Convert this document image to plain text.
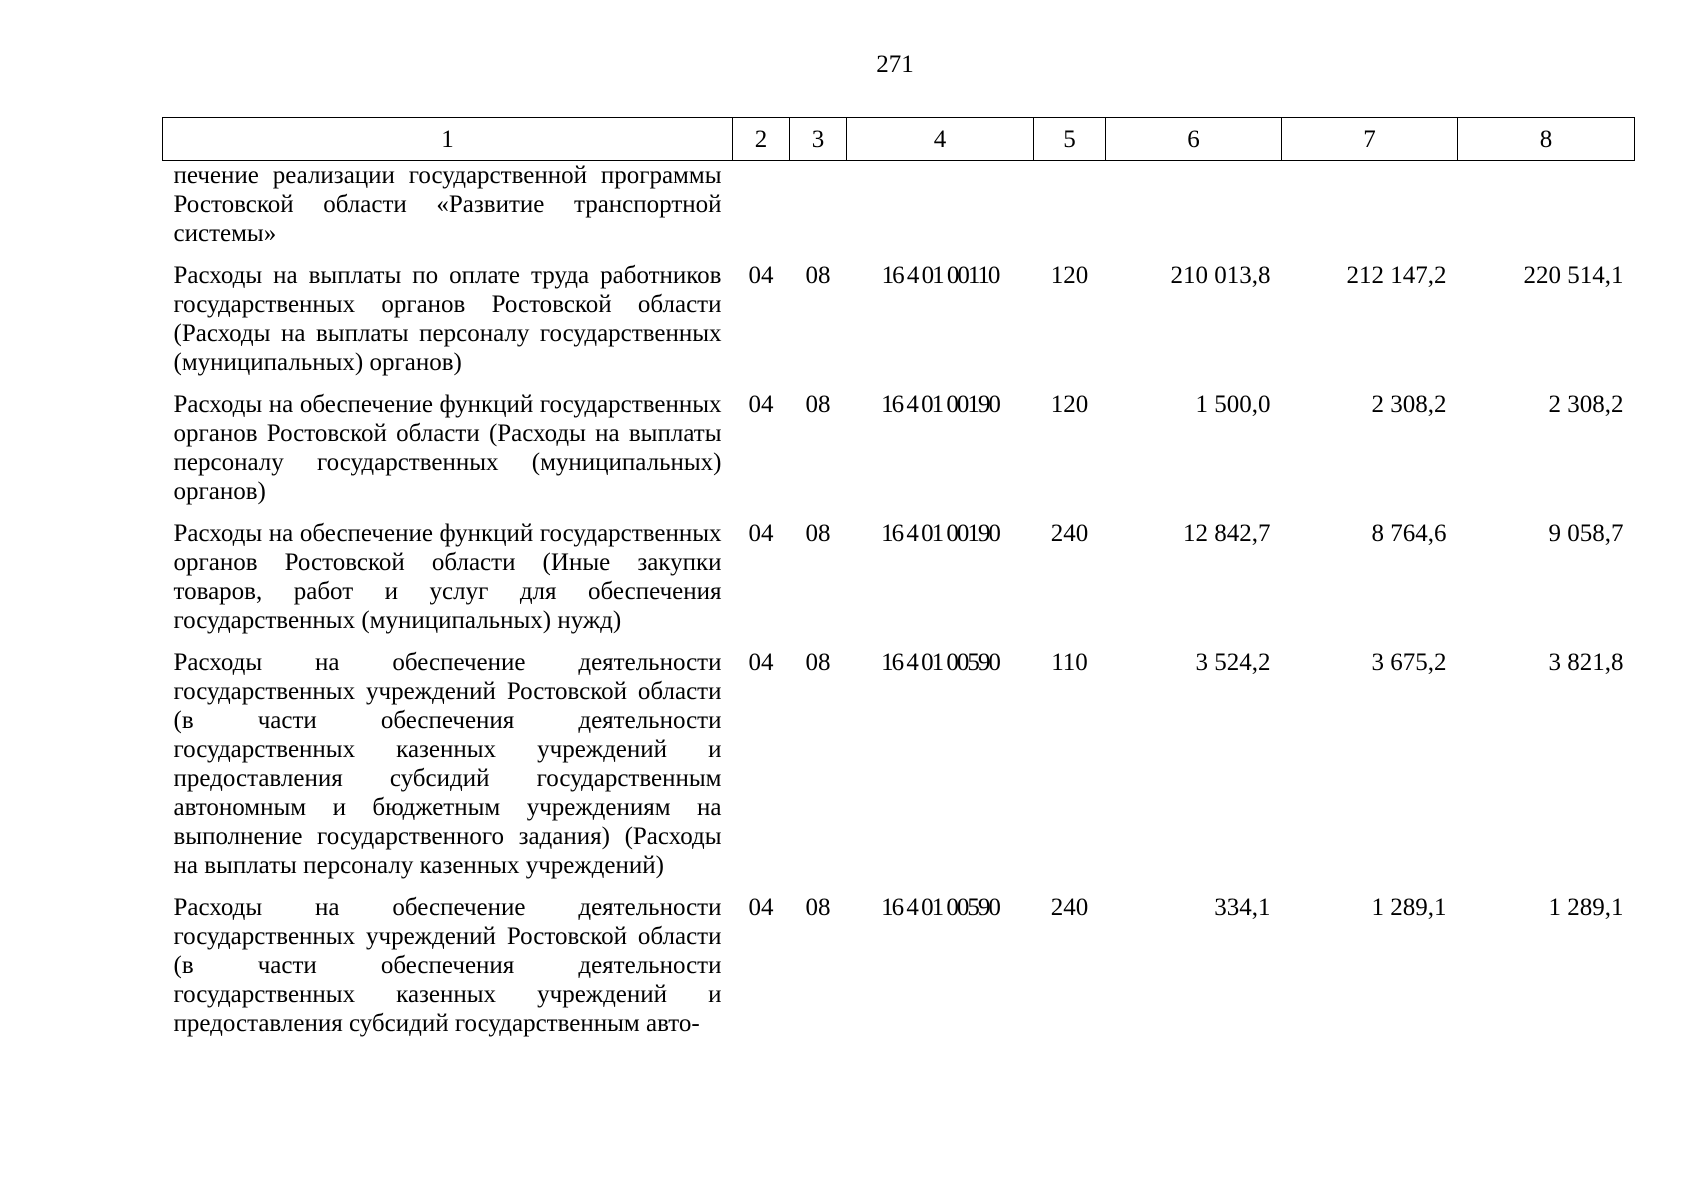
271
1	2	3	4	5	6	7	8
печение реализации государственной программы Ростовской области «Развитие транспортной системы»							
Расходы на выплаты по оплате труда работников государственных органов Ростовской области (Расходы на выплаты персоналу государственных (муниципальных) органов)	04	08	16 4 01 00110	120	210 013,8	212 147,2	220 514,1
Расходы на обеспечение функций государственных органов Ростовской области (Расходы на выплаты персоналу государственных (муниципальных) органов)	04	08	16 4 01 00190	120	1 500,0	2 308,2	2 308,2
Расходы на обеспечение функций государственных органов Ростовской области (Иные закупки товаров, работ и услуг для обеспечения государственных (муниципальных) нужд)	04	08	16 4 01 00190	240	12 842,7	8 764,6	9 058,7
Расходы на обеспечение деятельности государственных учреждений Ростовской области (в части обеспечения деятельности государственных казенных учреждений и предоставления субсидий государственным автономным и бюджетным учреждениям на выполнение государственного задания) (Расходы на выплаты персоналу казенных учреждений)	04	08	16 4 01 00590	110	3 524,2	3 675,2	3 821,8
Расходы на обеспечение деятельности государственных учреждений Ростовской области (в части обеспечения деятельности государственных казенных учреждений и предоставления субсидий государственным авто-	04	08	16 4 01 00590	240	334,1	1 289,1	1 289,1
